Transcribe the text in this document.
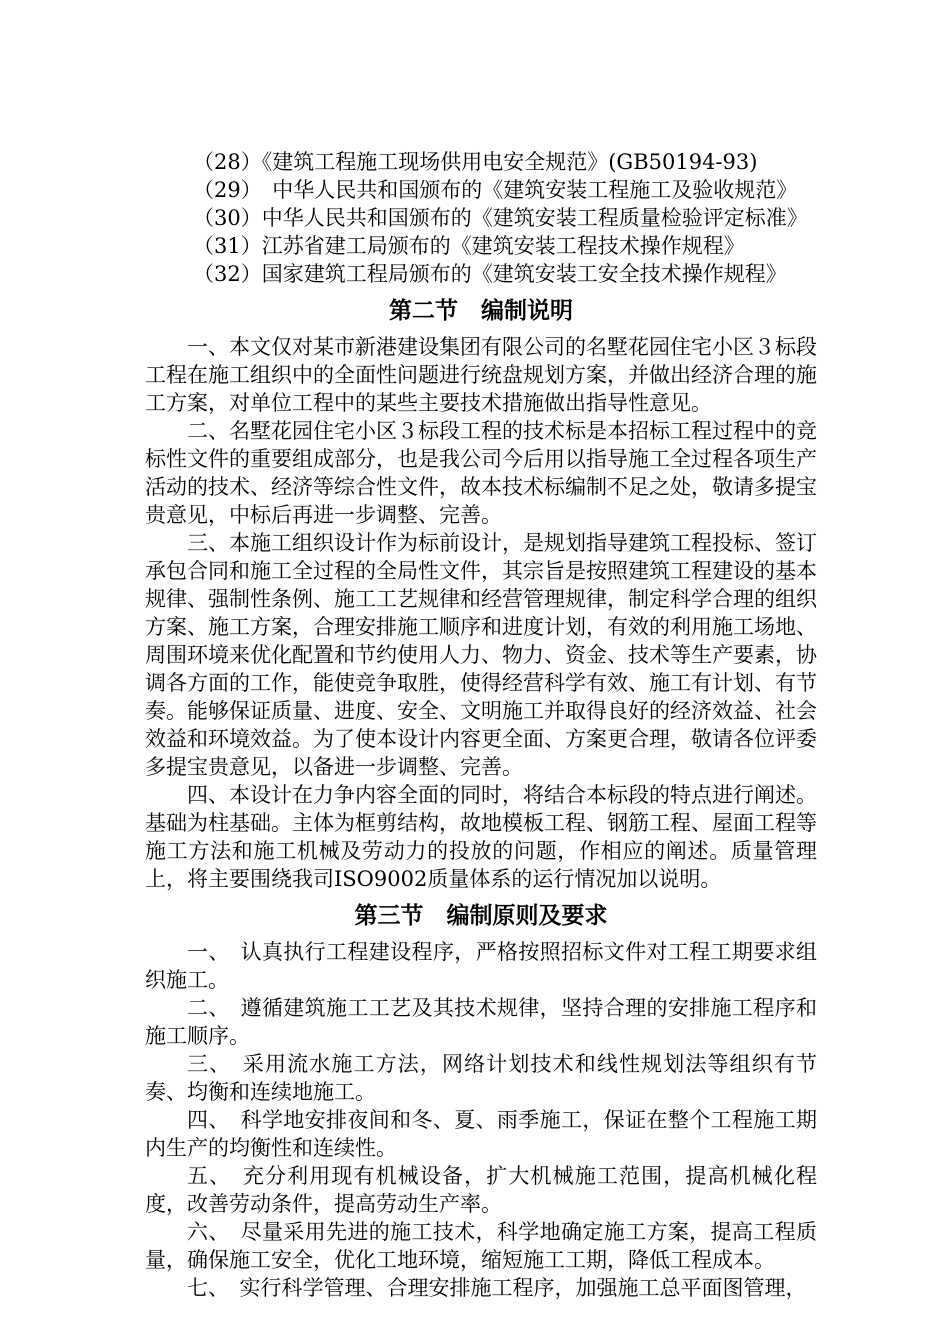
（28）《建筑工程施工现场供用电安全规范》(GB50194-93)

（29）　中华人民共和国颁布的《建筑安装工程施工及验收规范》

（30）中华人民共和国颁布的《建筑安装工程质量检验评定标准》

（31）江苏省建工局颁布的《建筑安装工程技术操作规程》

（32）国家建筑工程局颁布的《建筑安装工安全技术操作规程》

第二节　编制说明

一、本文仅对某市新港建设集团有限公司的名墅花园住宅小区３标段工程在施工组织中的全面性问题进行统盘规划方案，并做出经济合理的施工方案，对单位工程中的某些主要技术措施做出指导性意见。

二、名墅花园住宅小区３标段工程的技术标是本招标工程过程中的竞标性文件的重要组成部分，也是我公司今后用以指导施工全过程各项生产活动的技术、经济等综合性文件，故本技术标编制不足之处，敬请多提宝贵意见，中标后再进一步调整、完善。

三、本施工组织设计作为标前设计，是规划指导建筑工程投标、签订承包合同和施工全过程的全局性文件，其宗旨是按照建筑工程建设的基本规律、强制性条例、施工工艺规律和经营管理规律，制定科学合理的组织方案、施工方案，合理安排施工顺序和进度计划，有效的利用施工场地、周围环境来优化配置和节约使用人力、物力、资金、技术等生产要素，协调各方面的工作，能使竞争取胜，使得经营科学有效、施工有计划、有节奏。能够保证质量、进度、安全、文明施工并取得良好的经济效益、社会效益和环境效益。为了使本设计内容更全面、方案更合理，敬请各位评委多提宝贵意见，以备进一步调整、完善。

四、本设计在力争内容全面的同时，将结合本标段的特点进行阐述。基础为柱基础。主体为框剪结构，故地模板工程、钢筋工程、屋面工程等施工方法和施工机械及劳动力的投放的问题，作相应的阐述。质量管理上，将主要围绕我司ISO9002质量体系的运行情况加以说明。

第三节　编制原则及要求

一、　认真执行工程建设程序，严格按照招标文件对工程工期要求组织施工。

二、　遵循建筑施工工艺及其技术规律，坚持合理的安排施工程序和施工顺序。

三、　采用流水施工方法，网络计划技术和线性规划法等组织有节奏、均衡和连续地施工。

四、　科学地安排夜间和冬、夏、雨季施工，保证在整个工程施工期内生产的均衡性和连续性。

五、　充分利用现有机械设备，扩大机械施工范围，提高机械化程度，改善劳动条件，提高劳动生产率。

六、　尽量采用先进的施工技术，科学地确定施工方案，提高工程质量，确保施工安全，优化工地环境，缩短施工工期，降低工程成本。

七、　实行科学管理、合理安排施工程序，加强施工总平面图管理，
